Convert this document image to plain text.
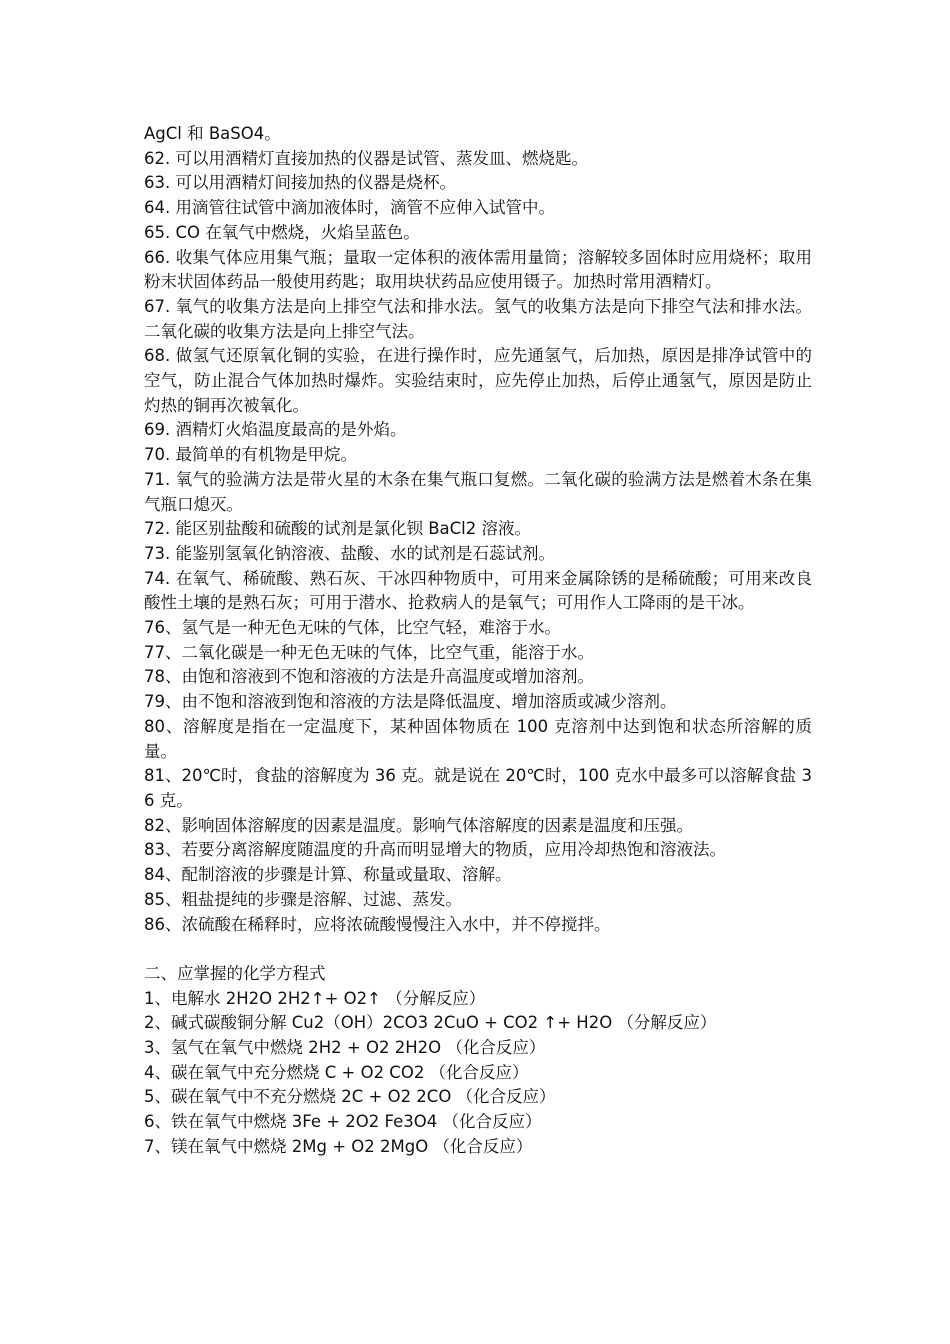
AgCl 和 BaSO4。

62. 可以用酒精灯直接加热的仪器是试管、蒸发皿、燃烧匙。

63. 可以用酒精灯间接加热的仪器是烧杯。

64. 用滴管往试管中滴加液体时，滴管不应伸入试管中。

65. CO 在氧气中燃烧，火焰呈蓝色。

66. 收集气体应用集气瓶；量取一定体积的液体需用量筒；溶解较多固体时应用烧杯；取用粉末状固体药品一般使用药匙；取用块状药品应使用镊子。加热时常用酒精灯。

67. 氧气的收集方法是向上排空气法和排水法。氢气的收集方法是向下排空气法和排水法。二氧化碳的收集方法是向上排空气法。

68. 做氢气还原氧化铜的实验，在进行操作时，应先通氢气，后加热，原因是排净试管中的空气，防止混合气体加热时爆炸。实验结束时，应先停止加热，后停止通氢气，原因是防止灼热的铜再次被氧化。

69. 酒精灯火焰温度最高的是外焰。

70. 最简单的有机物是甲烷。

71. 氧气的验满方法是带火星的木条在集气瓶口复燃。二氧化碳的验满方法是燃着木条在集气瓶口熄灭。

72. 能区别盐酸和硫酸的试剂是氯化钡 BaCl2 溶液。

73. 能鉴别氢氧化钠溶液、盐酸、水的试剂是石蕊试剂。

74. 在氧气、稀硫酸、熟石灰、干冰四种物质中，可用来金属除锈的是稀硫酸；可用来改良酸性土壤的是熟石灰；可用于潜水、抢救病人的是氧气；可用作人工降雨的是干冰。

76、氢气是一种无色无味的气体，比空气轻，难溶于水。

77、二氧化碳是一种无色无味的气体，比空气重，能溶于水。

78、由饱和溶液到不饱和溶液的方法是升高温度或增加溶剂。

79、由不饱和溶液到饱和溶液的方法是降低温度、增加溶质或减少溶剂。

80、溶解度是指在一定温度下，某种固体物质在 100 克溶剂中达到饱和状态所溶解的质量。

81、20℃时，食盐的溶解度为 36 克。就是说在 20℃时，100 克水中最多可以溶解食盐 36 克。

82、影响固体溶解度的因素是温度。影响气体溶解度的因素是温度和压强。

83、若要分离溶解度随温度的升高而明显增大的物质，应用冷却热饱和溶液法。

84、配制溶液的步骤是计算、称量或量取、溶解。

85、粗盐提纯的步骤是溶解、过滤、蒸发。

86、浓硫酸在稀释时，应将浓硫酸慢慢注入水中，并不停搅拌。

二、应掌握的化学方程式

1、电解水 2H2O 2H2↑+ O2↑ （分解反应）

2、碱式碳酸铜分解 Cu2（OH）2CO3 2CuO + CO2 ↑+ H2O （分解反应）

3、氢气在氧气中燃烧 2H2 + O2 2H2O （化合反应）

4、碳在氧气中充分燃烧 C + O2 CO2 （化合反应）

5、碳在氧气中不充分燃烧 2C + O2 2CO （化合反应）

6、铁在氧气中燃烧 3Fe + 2O2 Fe3O4 （化合反应）

7、镁在氧气中燃烧 2Mg + O2 2MgO （化合反应）
